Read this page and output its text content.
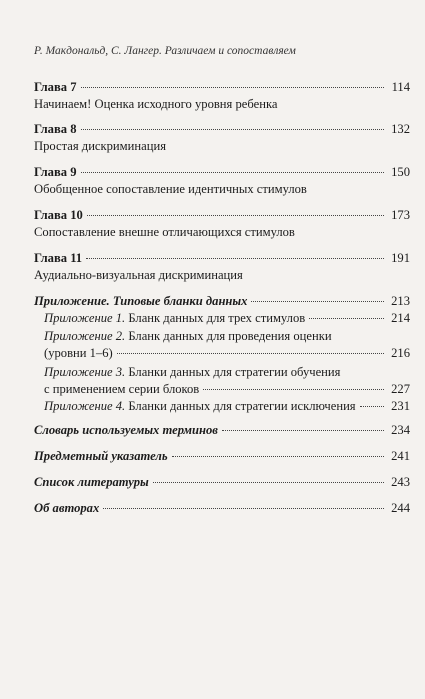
Р. Макдональд, С. Лангер. Различаем и сопоставляем
Глава 7	114
Начинаем! Оценка исходного уровня ребенка
Глава 8	132
Простая дискриминация
Глава 9	150
Обобщенное сопоставление идентичных стимулов
Глава 10	173
Сопоставление внешне отличающихся стимулов
Глава 11	191
Аудиально-визуальная дискриминация
Приложение. Типовые бланки данных	213
Приложение 1. Бланк данных для трех стимулов	214
Приложение 2. Бланк данных для проведения оценки
(уровни 1–6)	216
Приложение 3. Бланки данных для стратегии обучения
с применением серии блоков	227
Приложение 4. Бланки данных для стратегии исключения	231
Словарь используемых терминов	234
Предметный указатель	241
Список литературы	243
Об авторах	244
